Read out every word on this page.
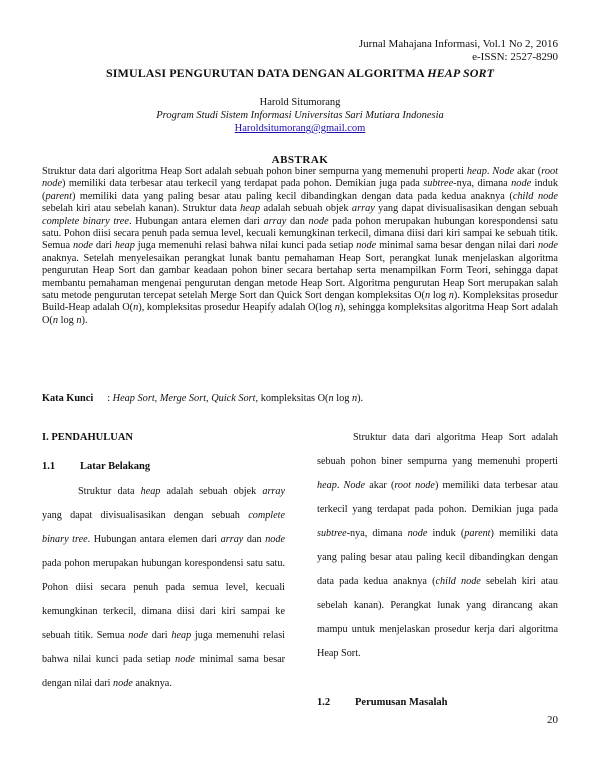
Jurnal Mahajana Informasi, Vol.1 No 2, 2016
e-ISSN: 2527-8290
SIMULASI PENGURUTAN DATA DENGAN ALGORITMA HEAP SORT
Harold Situmorang
Program Studi Sistem Informasi Universitas Sari Mutiara Indonesia
Haroldsitumorang@gmail.com
ABSTRAK

Struktur data dari algoritma Heap Sort adalah sebuah pohon biner sempurna yang memenuhi properti heap. Node akar (root node) memiliki data terbesar atau terkecil yang terdapat pada pohon. Demikian juga pada subtree-nya, dimana node induk (parent) memiliki data yang paling besar atau paling kecil dibandingkan dengan data pada kedua anaknya (child node sebelah kiri atau sebelah kanan). Struktur data heap adalah sebuah objek array yang dapat divisualisasikan dengan sebuah complete binary tree. Hubungan antara elemen dari array dan node pada pohon merupakan hubungan korespondensi satu satu. Pohon diisi secara penuh pada semua level, kecuali kemungkinan terkecil, dimana diisi dari kiri sampai ke sebuah titik. Semua node dari heap juga memenuhi relasi bahwa nilai kunci pada setiap node minimal sama besar dengan nilai dari node anaknya. Setelah menyelesaikan perangkat lunak bantu pemahaman Heap Sort, perangkat lunak menjelaskan algoritma pengurutan Heap Sort dan gambar keadaan pohon biner secara bertahap serta menampilkan Form Teori, sehingga dapat membantu pemahaman mengenai pengurutan dengan metode Heap Sort. Algoritma pengurutan Heap Sort merupakan salah satu metode pengurutan tercepat setelah Merge Sort dan Quick Sort dengan kompleksitas O(n log n). Kompleksitas prosedur Build-Heap adalah O(n), kompleksitas prosedur Heapify adalah O(log n), sehingga kompleksitas algoritma Heap Sort adalah O(n log n).

Kata Kunci : Heap Sort, Merge Sort, Quick Sort, kompleksitas O(n log n).
I. PENDAHULUAN
1.1 Latar Belakang

Struktur data heap adalah sebuah objek array yang dapat divisualisasikan dengan sebuah complete binary tree. Hubungan antara elemen dari array dan node pada pohon merupakan hubungan korespondensi satu satu. Pohon diisi secara penuh pada semua level, kecuali kemungkinan terkecil, dimana diisi dari kiri sampai ke sebuah titik. Semua node dari heap juga memenuhi relasi bahwa nilai kunci pada setiap node minimal sama besar dengan nilai dari node anaknya.

Struktur data dari algoritma Heap Sort adalah sebuah pohon biner sempurna yang memenuhi properti heap. Node akar (root node) memiliki data terbesar atau terkecil yang terdapat pada pohon. Demikian juga pada subtree-nya, dimana node induk (parent) memiliki data yang paling besar atau paling kecil dibandingkan dengan data pada kedua anaknya (child node sebelah kiri atau sebelah kanan). Perangkat lunak yang dirancang akan mampu untuk menjelaskan prosedur kerja dari algoritma Heap Sort.

1.2 Perumusan Masalah
20
